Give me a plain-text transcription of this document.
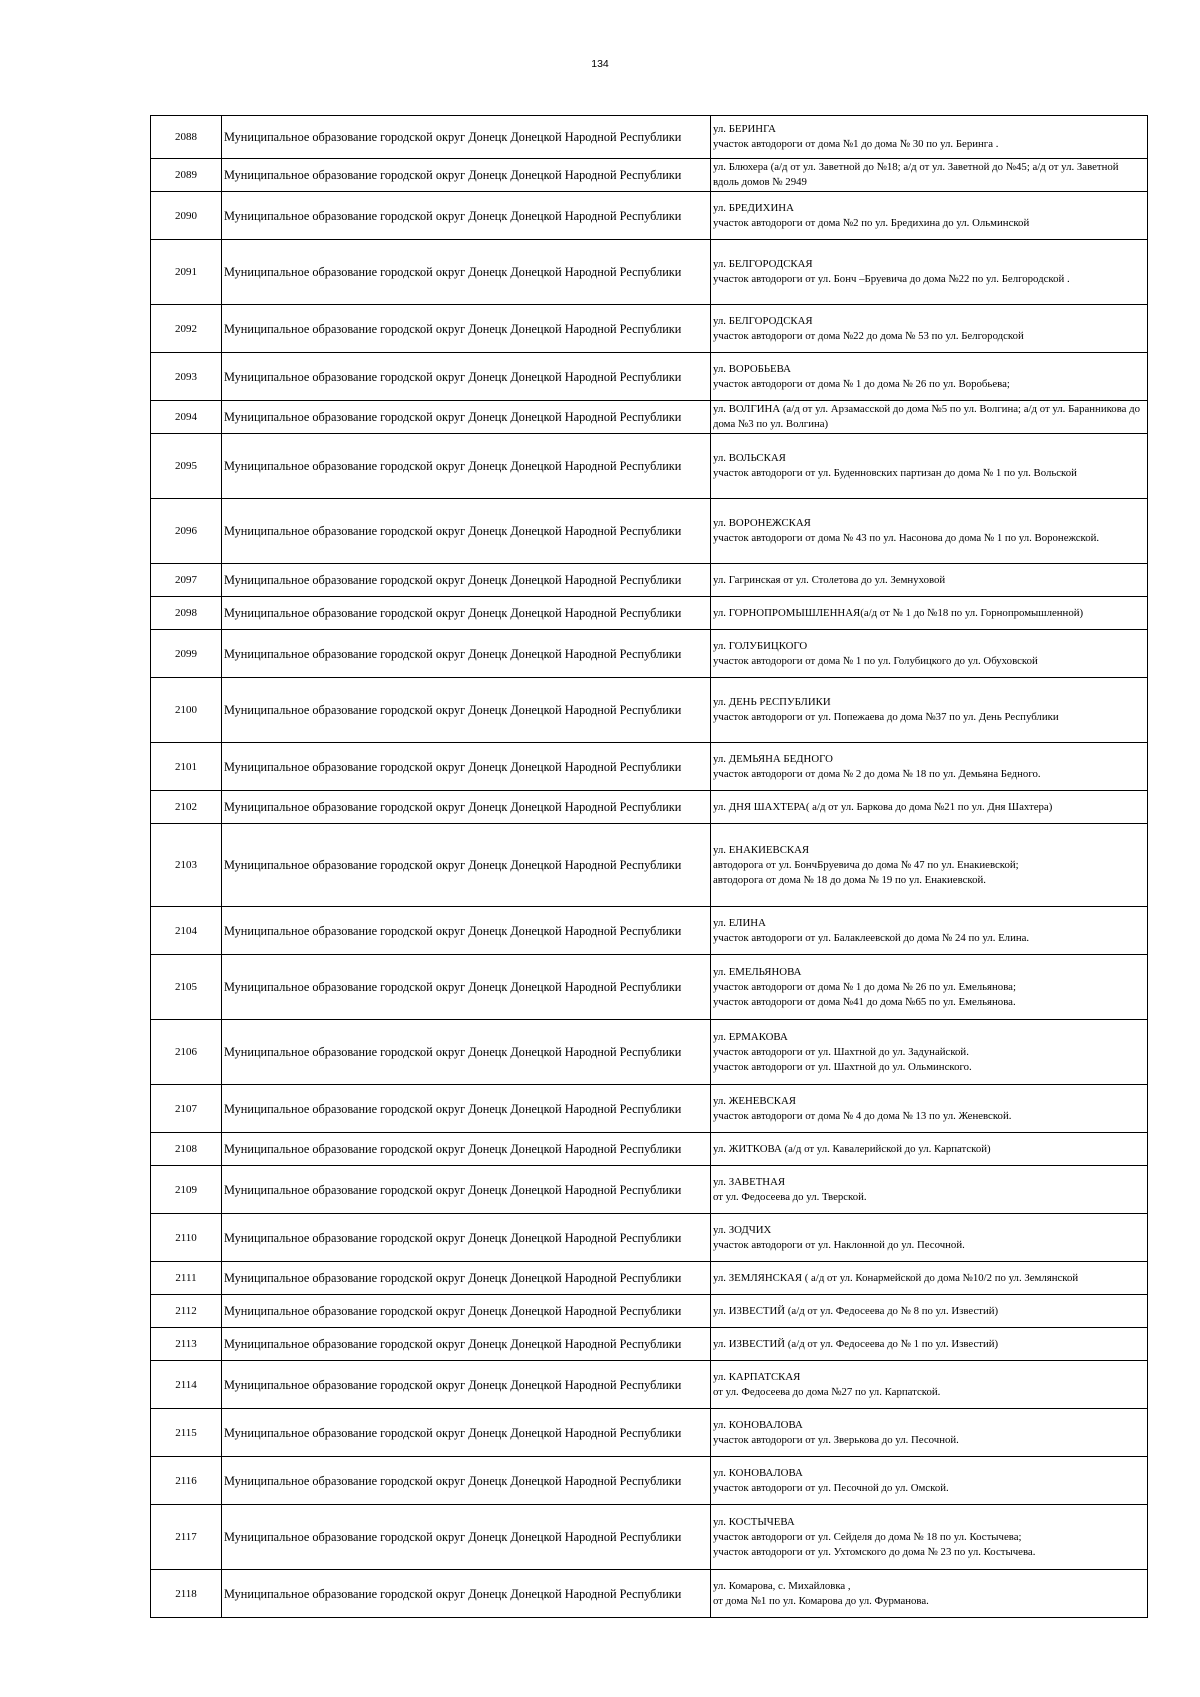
134
2088	Муниципальное образование городской округ Донецк Донецкой Народной Республики	ул. БЕРИНГА
участок автодороги от дома №1 до дома № 30 по ул. Беринга .

2089	Муниципальное образование городской округ Донецк Донецкой Народной Республики	ул. Блюхера (а/д от ул. Заветной до №18; а/д от ул. Заветной до №45; а/д от ул. Заветной вдоль домов № 2949

2090	Муниципальное образование городской округ Донецк Донецкой Народной Республики	ул. БРЕДИХИНА
участок автодороги от дома №2 по ул. Бредихина до ул. Ольминской

2091	Муниципальное образование городской округ Донецк Донецкой Народной Республики	ул. БЕЛГОРОДСКАЯ
участок автодороги от ул. Бонч –Бруевича до дома №22 по ул. Белгородской .

2092	Муниципальное образование городской округ Донецк Донецкой Народной Республики	ул. БЕЛГОРОДСКАЯ
участок автодороги от дома №22 до дома № 53 по ул. Белгородской

2093	Муниципальное образование городской округ Донецк Донецкой Народной Республики	ул. ВОРОБЬЕВА
участок автодороги от дома № 1 до дома № 26 по ул. Воробьева;

2094	Муниципальное образование городской округ Донецк Донецкой Народной Республики	ул. ВОЛГИНА (а/д от ул. Арзамасской до дома №5 по ул. Волгина; а/д от ул. Баранникова до дома №3 по ул. Волгина)

2095	Муниципальное образование городской округ Донецк Донецкой Народной Республики	ул. ВОЛЬСКАЯ
участок автодороги от ул. Буденновских партизан до дома № 1 по ул. Вольской

2096	Муниципальное образование городской округ Донецк Донецкой Народной Республики	ул. ВОРОНЕЖСКАЯ
участок автодороги от дома № 43 по ул. Насонова до дома № 1 по ул. Воронежской.

2097	Муниципальное образование городской округ Донецк Донецкой Народной Республики	ул. Гагринская от ул. Столетова до ул. Земнуховой

2098	Муниципальное образование городской округ Донецк Донецкой Народной Республики	ул. ГОРНОПРОМЫШЛЕННАЯ(а/д от № 1 до №18 по ул. Горнопромышленной)

2099	Муниципальное образование городской округ Донецк Донецкой Народной Республики	ул. ГОЛУБИЦКОГО
участок автодороги от дома № 1 по ул. Голубицкого до ул. Обуховской

2100	Муниципальное образование городской округ Донецк Донецкой Народной Республики	ул. ДЕНЬ РЕСПУБЛИКИ
участок автодороги от ул. Попежаева до дома №37 по ул. День Республики

2101	Муниципальное образование городской округ Донецк Донецкой Народной Республики	ул. ДЕМЬЯНА БЕДНОГО
участок автодороги от дома № 2 до дома № 18 по ул. Демьяна Бедного.

2102	Муниципальное образование городской округ Донецк Донецкой Народной Республики	ул. ДНЯ ШАХТЕРА( а/д от ул. Баркова до дома №21 по ул. Дня Шахтера)

2103	Муниципальное образование городской округ Донецк Донецкой Народной Республики	ул. ЕНАКИЕВСКАЯ
автодорога от ул. БончБруевича до дома № 47 по ул. Енакиевской;
автодорога от дома № 18 до дома № 19 по ул. Енакиевской.

2104	Муниципальное образование городской округ Донецк Донецкой Народной Республики	ул. ЕЛИНА
участок автодороги от ул. Балаклеевской до дома № 24 по ул. Елина.

2105	Муниципальное образование городской округ Донецк Донецкой Народной Республики	ул. ЕМЕЛЬЯНОВА
участок автодороги от дома № 1 до дома № 26 по ул. Емельянова;
участок автодороги от дома №41 до дома №65 по ул. Емельянова.

2106	Муниципальное образование городской округ Донецк Донецкой Народной Республики	ул. ЕРМАКОВА
участок автодороги от ул. Шахтной до ул. Задунайской.
участок автодороги от ул. Шахтной до ул. Ольминского.

2107	Муниципальное образование городской округ Донецк Донецкой Народной Республики	ул. ЖЕНЕВСКАЯ
участок автодороги от дома № 4 до дома № 13 по ул. Женевской.

2108	Муниципальное образование городской округ Донецк Донецкой Народной Республики	ул. ЖИТКОВА (а/д от ул. Кавалерийской до ул. Карпатской)

2109	Муниципальное образование городской округ Донецк Донецкой Народной Республики	ул. ЗАВЕТНАЯ
от ул. Федосеева до ул. Тверской.

2110	Муниципальное образование городской округ Донецк Донецкой Народной Республики	ул. ЗОДЧИХ
участок автодороги от ул. Наклонной до ул. Песочной.

2111	Муниципальное образование городской округ Донецк Донецкой Народной Республики	ул. ЗЕМЛЯНСКАЯ ( а/д от ул. Конармейской до дома №10/2 по ул. Землянской

2112	Муниципальное образование городской округ Донецк Донецкой Народной Республики	ул. ИЗВЕСТИЙ (а/д от ул. Федосеева до № 8 по ул. Известий)

2113	Муниципальное образование городской округ Донецк Донецкой Народной Республики	ул. ИЗВЕСТИЙ (а/д от ул. Федосеева до № 1 по ул. Известий)

2114	Муниципальное образование городской округ Донецк Донецкой Народной Республики	ул. КАРПАТСКАЯ
от ул. Федосеева до дома №27 по ул. Карпатской.

2115	Муниципальное образование городской округ Донецк Донецкой Народной Республики	ул. КОНОВАЛОВА
участок автодороги от ул. Зверькова до ул. Песочной.

2116	Муниципальное образование городской округ Донецк Донецкой Народной Республики	ул. КОНОВАЛОВА
участок автодороги от ул. Песочной до ул. Омской.

2117	Муниципальное образование городской округ Донецк Донецкой Народной Республики	ул. КОСТЫЧЕВА
участок автодороги от ул. Сейделя до дома № 18 по ул. Костычева;
участок автодороги от ул. Ухтомского до дома № 23 по ул. Костычева.

2118	Муниципальное образование городской округ Донецк Донецкой Народной Республики	ул. Комарова, с. Михайловка ,
от дома №1 по ул. Комарова до ул. Фурманова.
